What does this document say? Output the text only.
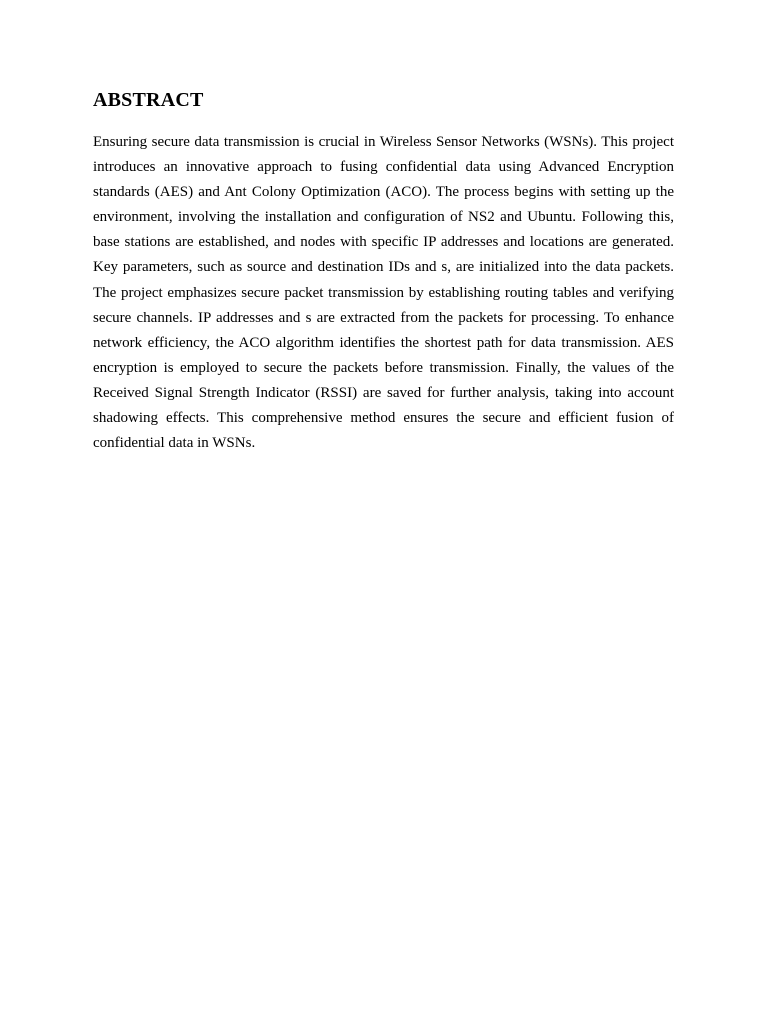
ABSTRACT

Ensuring secure data transmission is crucial in Wireless Sensor Networks (WSNs). This project introduces an innovative approach to fusing confidential data using Advanced Encryption standards (AES) and Ant Colony Optimization (ACO). The process begins with setting up the environment, involving the installation and configuration of NS2 and Ubuntu. Following this, base stations are established, and nodes with specific IP addresses and locations are generated. Key parameters, such as source and destination IDs and s, are initialized into the data packets. The project emphasizes secure packet transmission by establishing routing tables and verifying secure channels. IP addresses and s are extracted from the packets for processing. To enhance network efficiency, the ACO algorithm identifies the shortest path for data transmission. AES encryption is employed to secure the packets before transmission. Finally, the values of the Received Signal Strength Indicator (RSSI) are saved for further analysis, taking into account shadowing effects. This comprehensive method ensures the secure and efficient fusion of confidential data in WSNs.
